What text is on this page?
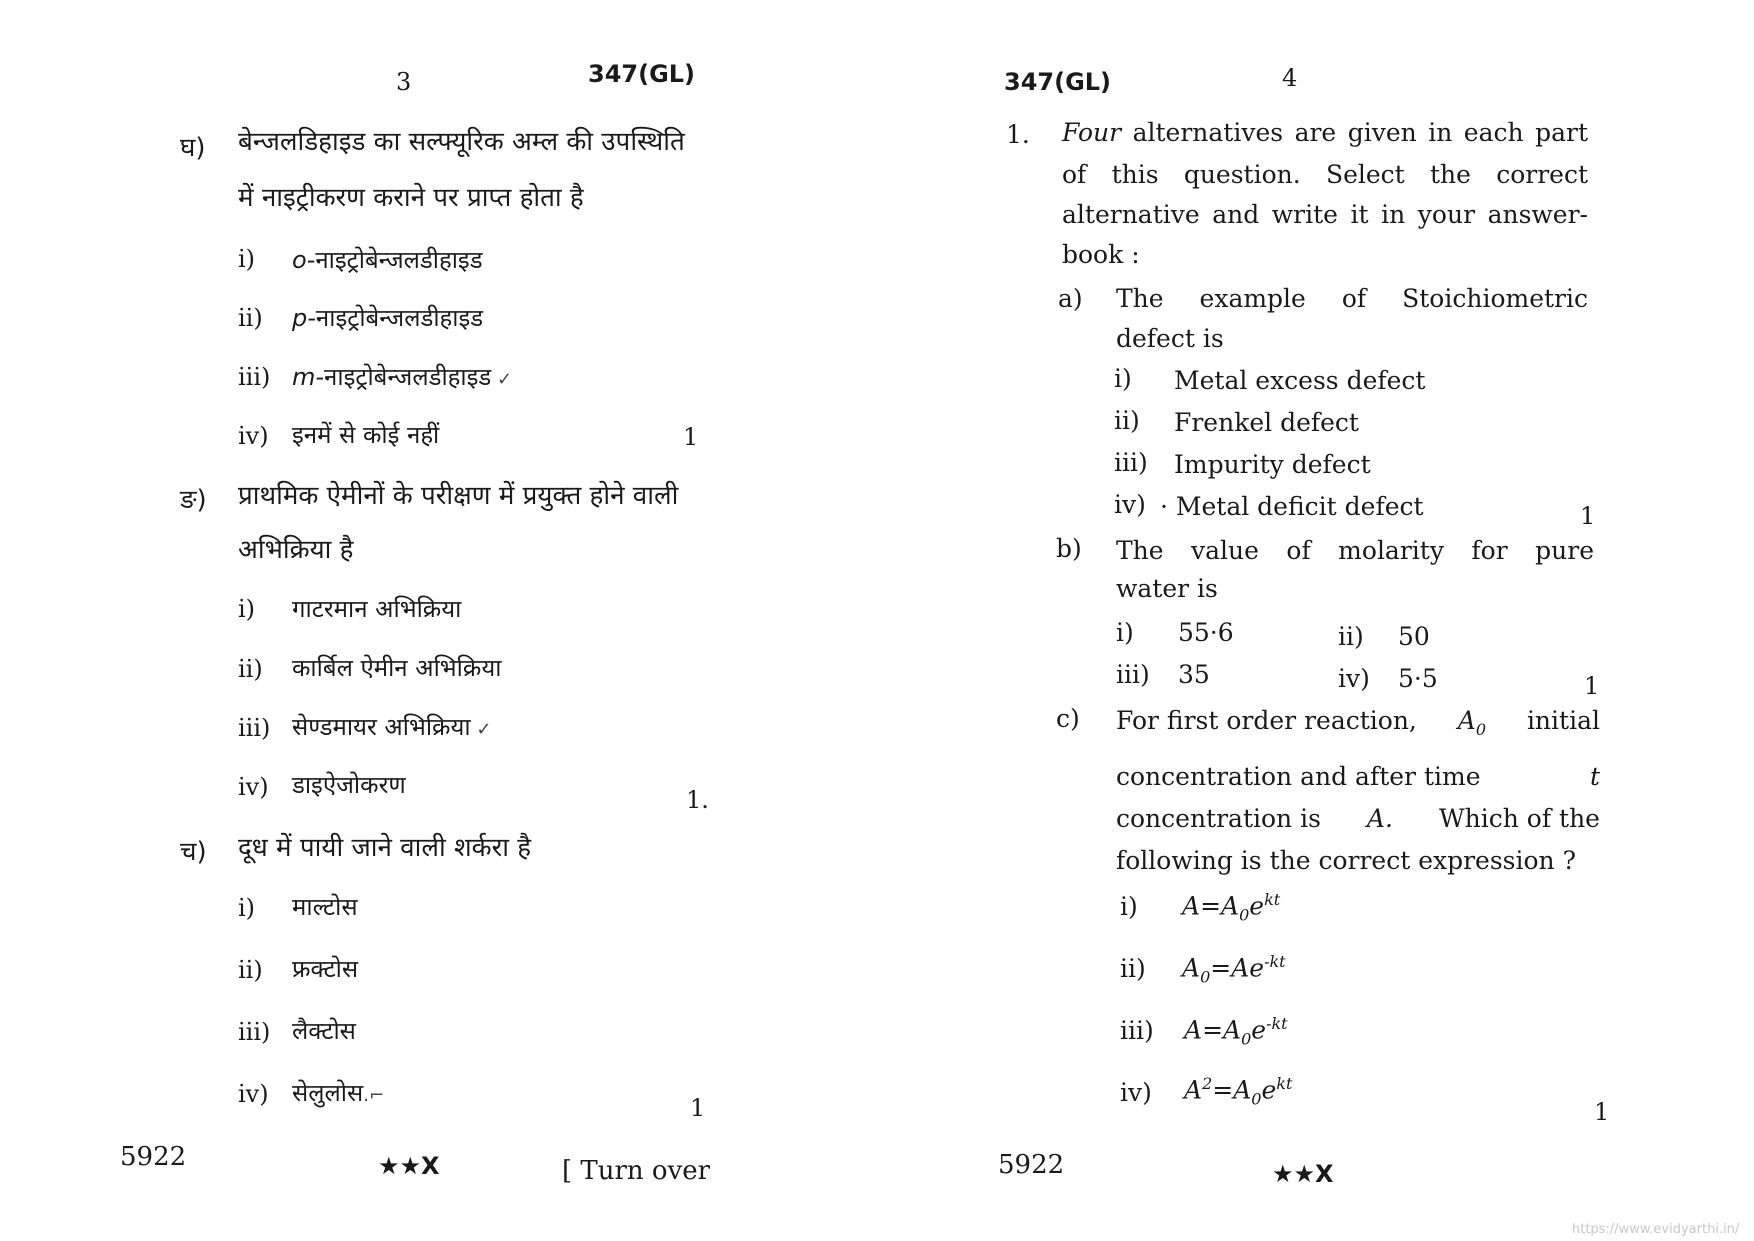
3	347(GL)
घ) बेन्जलडिहाइड का सल्फ्यूरिक अम्ल की उपस्थिति
में नाइट्रीकरण कराने पर प्राप्त होता है
i) o-नाइट्रोबेन्जलडीहाइड
ii) p-नाइट्रोबेन्जलडीहाइड
iii) m-नाइट्रोबेन्जलडीहाइड ✓
iv) इनमें से कोई नहीं	1
ङ) प्राथमिक ऐमीनों के परीक्षण में प्रयुक्त होने वाली
अभिक्रिया है
i) गाटरमान अभिक्रिया
ii) कार्बिल ऐमीन अभिक्रिया
iii) सेण्डमायर अभिक्रिया ✓
iv) डाइऐजोकरण
1.
च) दूध में पायी जाने वाली शर्करा है
i) माल्टोस
ii) फ्रक्टोस
iii) लैक्टोस
iv) सेलुलोस.⌐	1
5922	★★X	[ Turn over
347(GL)	4
1. Four alternatives are given in each part
of this question. Select the correct
alternative and write it in your answer-
book :
a) The example of Stoichiometric
defect is
i) Metal excess defect
ii) Frenkel defect
iii) Impurity defect
iv) · Metal deficit defect	1
b) The value of molarity for pure
water is
i) 55·6	ii) 50
iii) 35	iv) 5·5	1
c) For first order reaction, $A_0$ initial
concentration and after time	t
concentration is A. Which of the
following is the correct expression ?
i) $A=A_0e^{kt}$
ii) $A_0=Ae^{-kt}$
iii) $A=A_0e^{-kt}$
iv) $A^2=A_0e^{kt}$
1
5922	★★X
https://www.evidyarthi.in/
